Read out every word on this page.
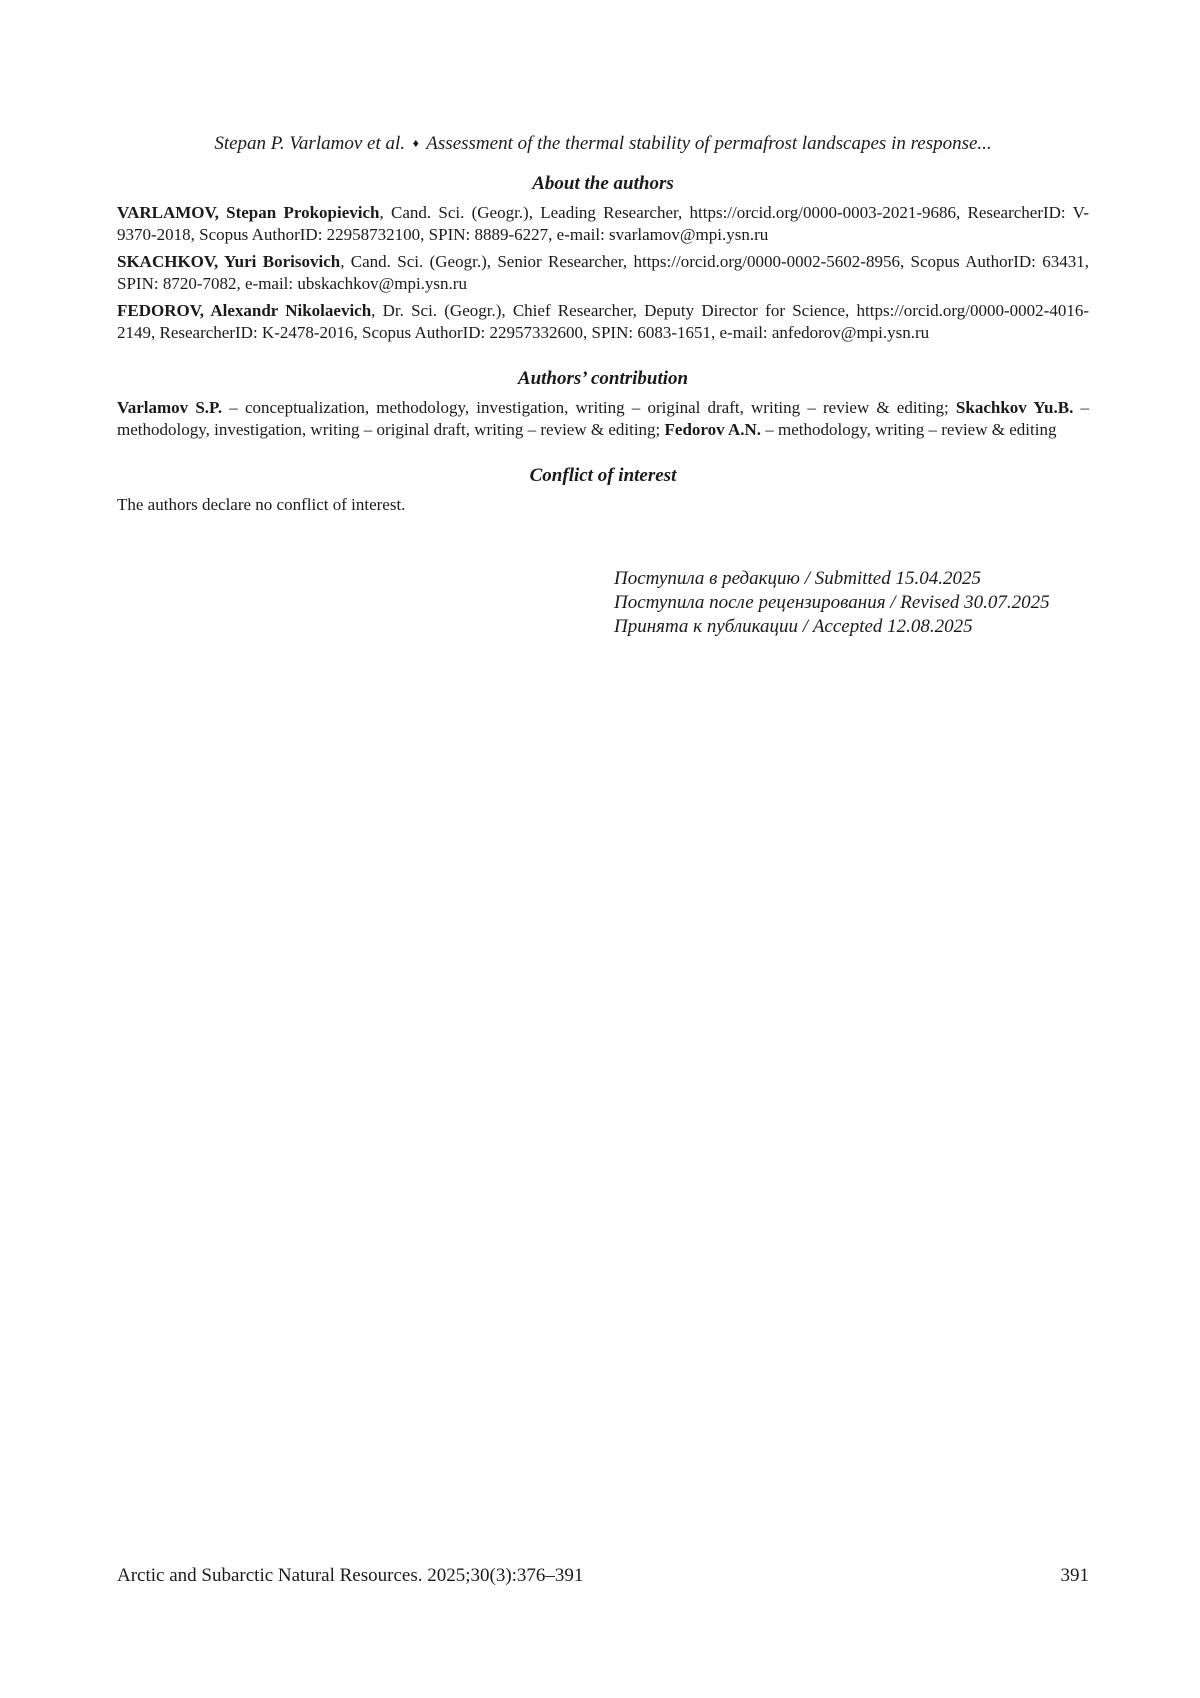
Stepan P. Varlamov et al. ♦ Assessment of the thermal stability of permafrost landscapes in response...
About the authors

VARLAMOV, Stepan Prokopievich, Cand. Sci. (Geogr.), Leading Researcher, https://orcid.org/0000-0003-2021-9686, ResearcherID: V-9370-2018, Scopus AuthorID: 22958732100, SPIN: 8889-6227, e-mail: svarlamov@mpi.ysn.ru

SKACHKOV, Yuri Borisovich, Cand. Sci. (Geogr.), Senior Researcher, https://orcid.org/0000-0002-5602-8956, Scopus AuthorID: 63431, SPIN: 8720-7082, e-mail: ubskachkov@mpi.ysn.ru

FEDOROV, Alexandr Nikolaevich, Dr. Sci. (Geogr.), Chief Researcher, Deputy Director for Science, https://orcid.org/0000-0002-4016-2149, ResearcherID: K-2478-2016, Scopus AuthorID: 22957332600, SPIN: 6083-1651, e-mail: anfedorov@mpi.ysn.ru

Authors’ contribution

Varlamov S.P. – conceptualization, methodology, investigation, writing – original draft, writing – review & editing; Skachkov Yu.B. – methodology, investigation, writing – original draft, writing – review & editing; Fedorov A.N. – methodology, writing – review & editing

Conflict of interest

The authors declare no conflict of interest.

Поступила в редакцию / Submitted 15.04.2025
Поступила после рецензирования / Revised 30.07.2025
Принята к публикации / Accepted 12.08.2025
Arctic and Subarctic Natural Resources. 2025;30(3):376–391	391
